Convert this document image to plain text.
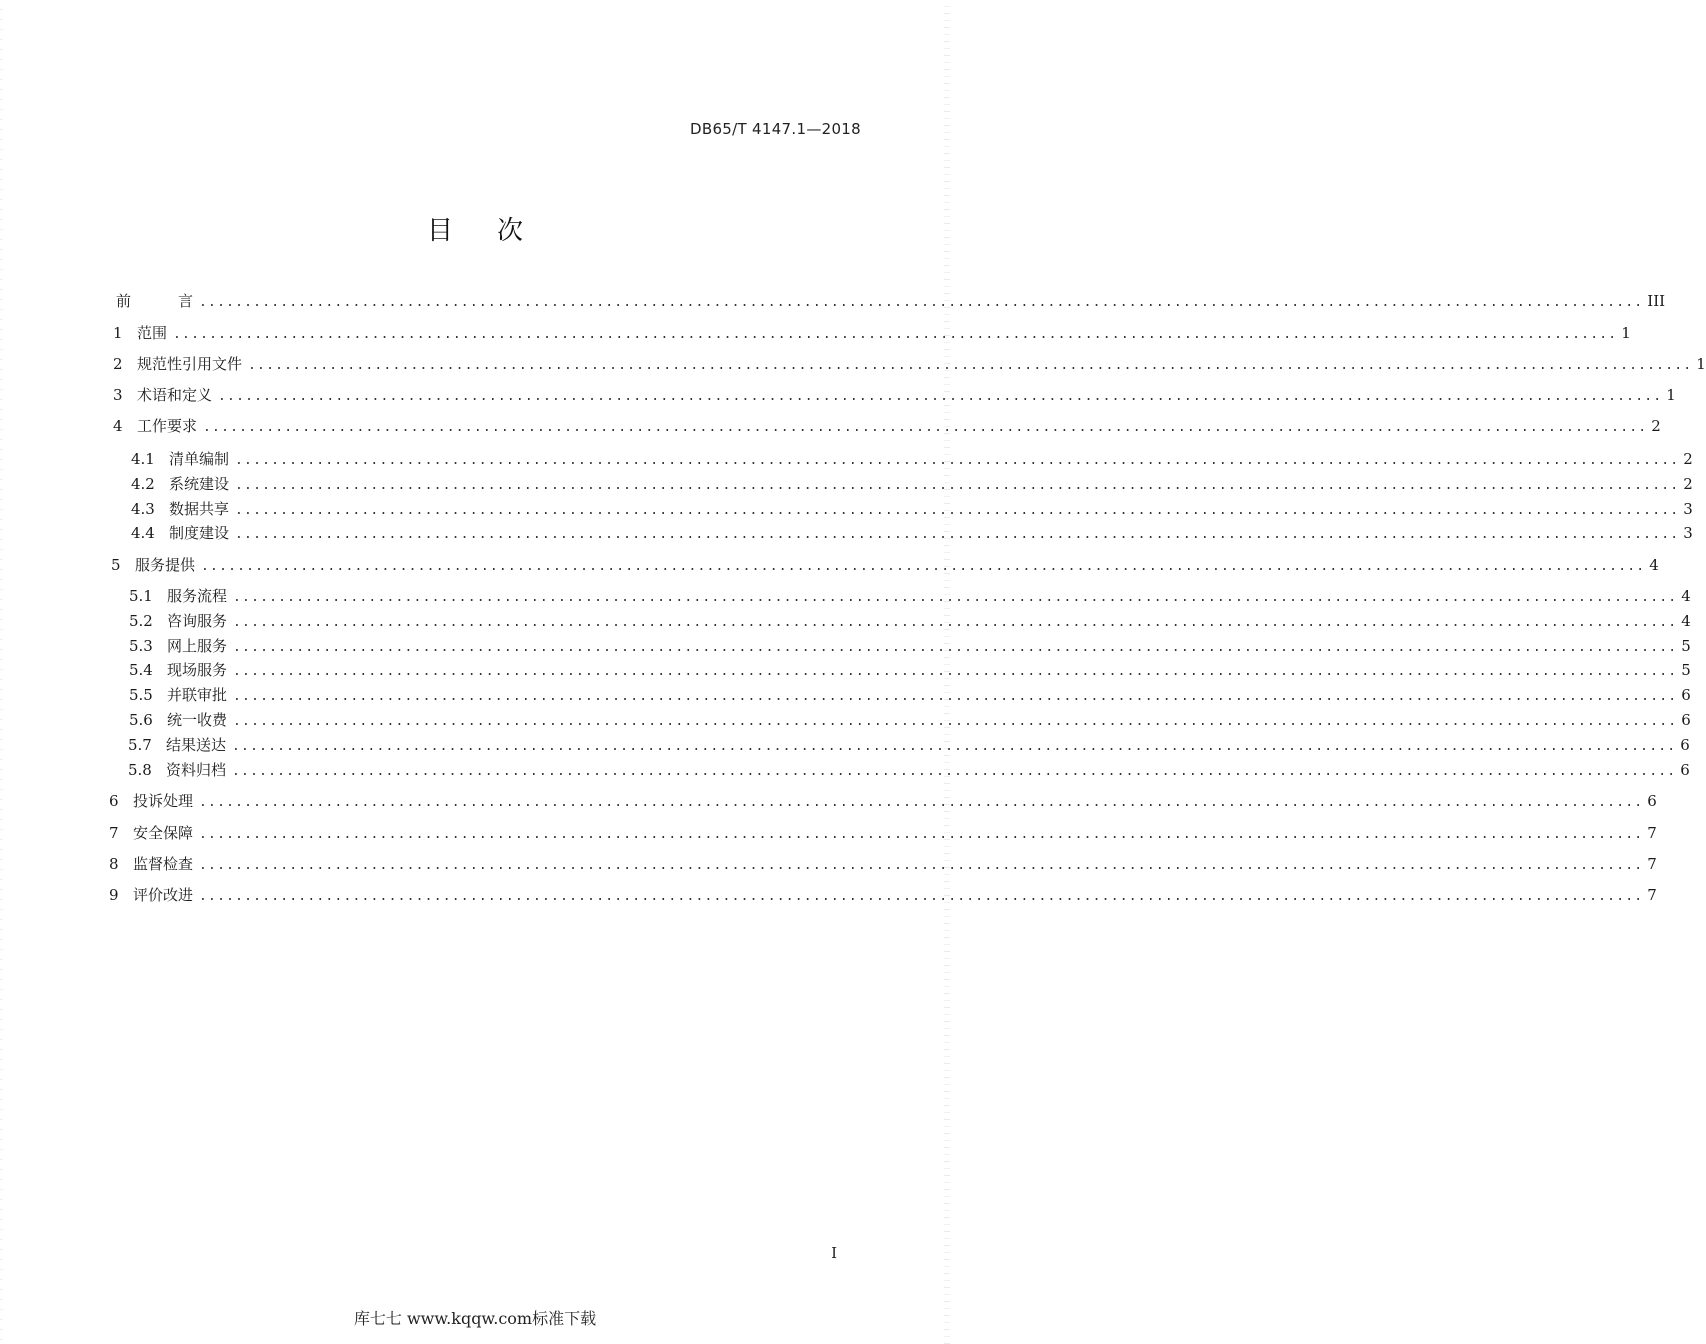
DB65/T 4147.1—2018
目次
前	言 ................................................................................................................................................................ III
1 范围 ................................................................................................................................................................ 1
2 规范性引用文件 ................................................................................................................................................................ 1
3 术语和定义 ................................................................................................................................................................ 1
4 工作要求 ................................................................................................................................................................ 2
4.1 清单编制 ................................................................................................................................................................ 2
4.2 系统建设 ................................................................................................................................................................ 2
4.3 数据共享 ................................................................................................................................................................ 3
4.4 制度建设 ................................................................................................................................................................ 3
5 服务提供 ................................................................................................................................................................ 4
5.1 服务流程 ................................................................................................................................................................ 4
5.2 咨询服务 ................................................................................................................................................................ 4
5.3 网上服务 ................................................................................................................................................................ 5
5.4 现场服务 ................................................................................................................................................................ 5
5.5 并联审批 ................................................................................................................................................................ 6
5.6 统一收费 ................................................................................................................................................................ 6
5.7 结果送达 ................................................................................................................................................................ 6
5.8 资料归档 ................................................................................................................................................................ 6
6 投诉处理 ................................................................................................................................................................ 6
7 安全保障 ................................................................................................................................................................ 7
8 监督检查 ................................................................................................................................................................ 7
9 评价改进 ................................................................................................................................................................ 7
I
库七七 www.kqqw.com标准下载
